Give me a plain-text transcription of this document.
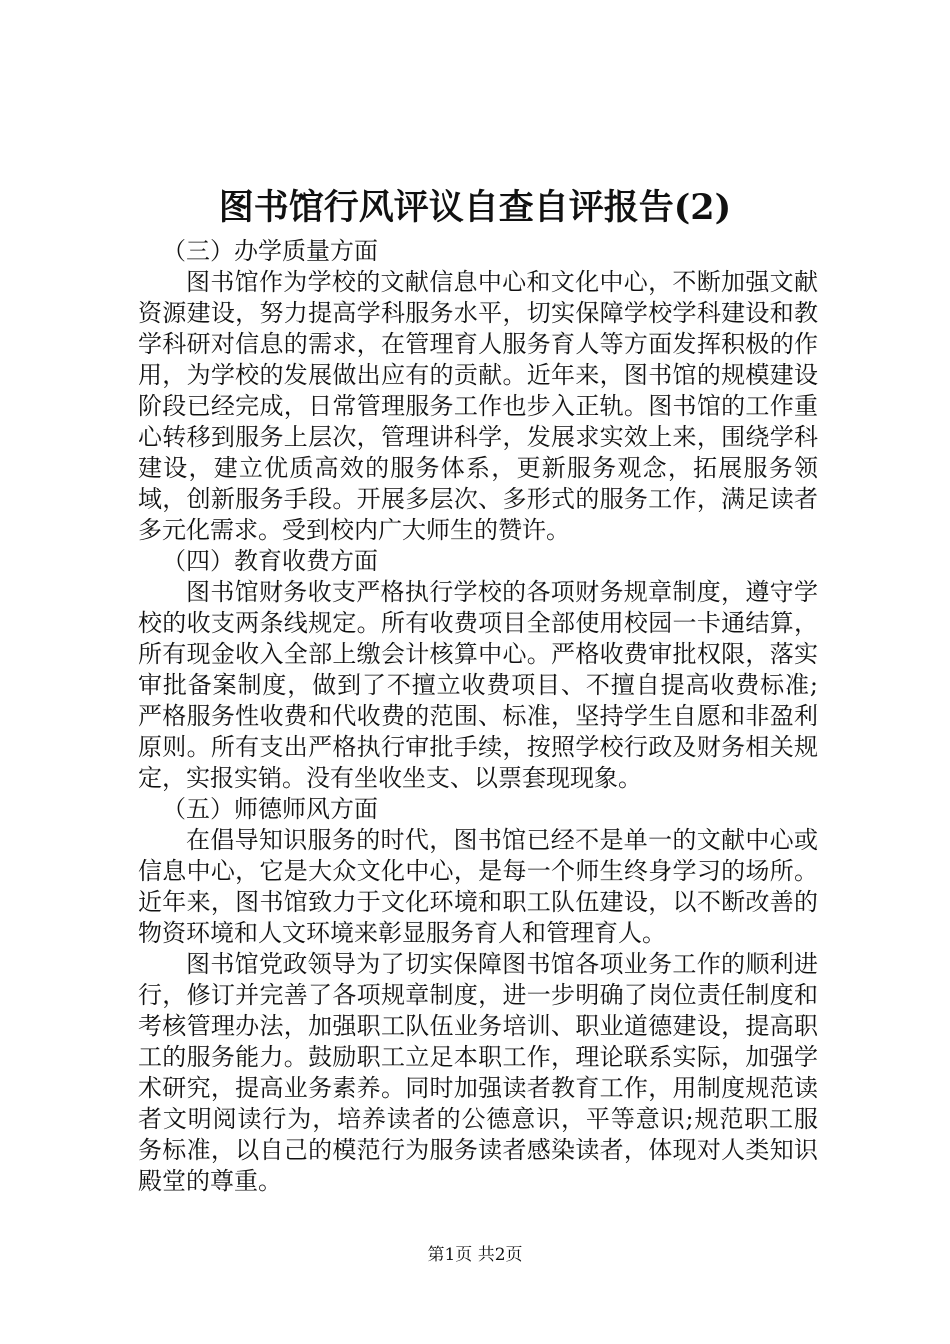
图书馆行风评议自查自评报告(2)

（三）办学质量方面

图书馆作为学校的文献信息中心和文化中心，不断加强文献资源建设，努力提高学科服务水平，切实保障学校学科建设和教学科研对信息的需求，在管理育人服务育人等方面发挥积极的作用，为学校的发展做出应有的贡献。近年来，图书馆的规模建设阶段已经完成，日常管理服务工作也步入正轨。图书馆的工作重心转移到服务上层次，管理讲科学，发展求实效上来，围绕学科建设，建立优质高效的服务体系，更新服务观念，拓展服务领域，创新服务手段。开展多层次、多形式的服务工作，满足读者多元化需求。受到校内广大师生的赞许。

（四）教育收费方面

图书馆财务收支严格执行学校的各项财务规章制度，遵守学校的收支两条线规定。所有收费项目全部使用校园一卡通结算，所有现金收入全部上缴会计核算中心。严格收费审批权限，落实审批备案制度，做到了不擅立收费项目、不擅自提高收费标准;严格服务性收费和代收费的范围、标准，坚持学生自愿和非盈利原则。所有支出严格执行审批手续，按照学校行政及财务相关规定，实报实销。没有坐收坐支、以票套现现象。

（五）师德师风方面

在倡导知识服务的时代，图书馆已经不是单一的文献中心或信息中心，它是大众文化中心，是每一个师生终身学习的场所。近年来，图书馆致力于文化环境和职工队伍建设，以不断改善的物资环境和人文环境来彰显服务育人和管理育人。

图书馆党政领导为了切实保障图书馆各项业务工作的顺利进行，修订并完善了各项规章制度，进一步明确了岗位责任制度和考核管理办法，加强职工队伍业务培训、职业道德建设，提高职工的服务能力。鼓励职工立足本职工作，理论联系实际，加强学术研究，提高业务素养。同时加强读者教育工作，用制度规范读者文明阅读行为，培养读者的公德意识，平等意识;规范职工服务标准，以自己的模范行为服务读者感染读者，体现对人类知识殿堂的尊重。

第1页 共2页
